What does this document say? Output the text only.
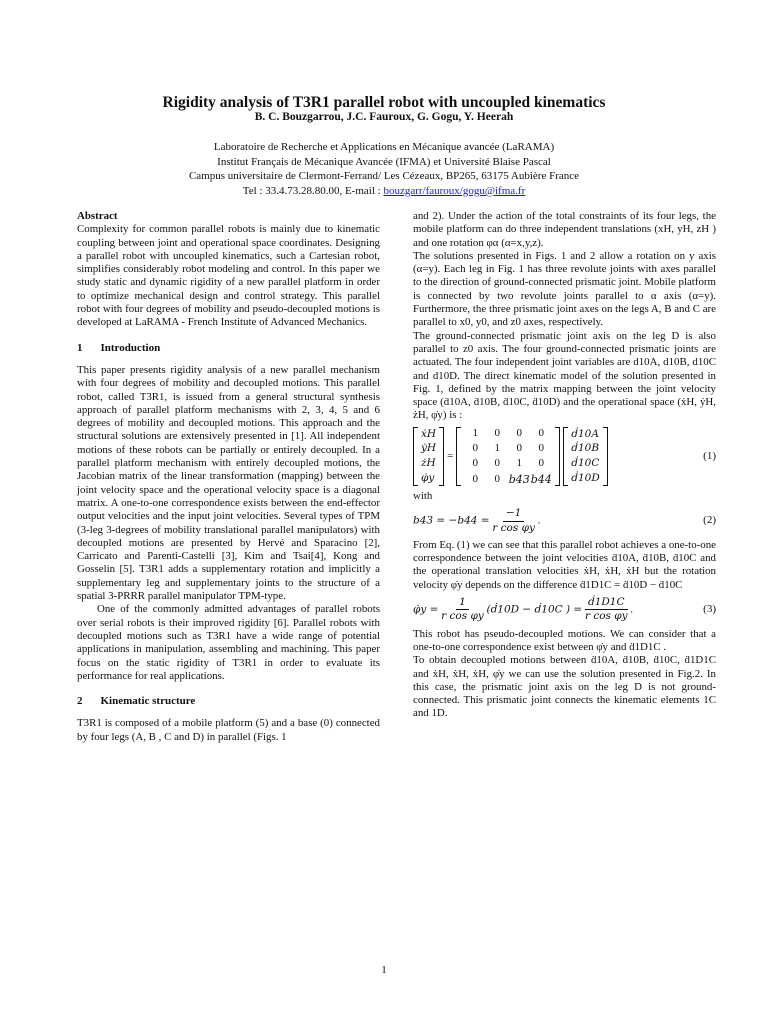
Rigidity analysis of T3R1 parallel robot with uncoupled kinematics
B. C. Bouzgarrou, J.C. Fauroux, G. Gogu, Y. Heerah
Laboratoire de Recherche et Applications en Mécanique avancée (LaRAMA)
Institut Français de Mécanique Avancée (IFMA) et Université Blaise Pascal
Campus universitaire de Clermont-Ferrand/ Les Cézeaux, BP265, 63175 Aubière France
Tel : 33.4.73.28.80.00, E-mail : bouzgarr/fauroux/gogu@ifma.fr
Abstract

Complexity for common parallel robots is mainly due to kinematic coupling between joint and operational space coordinates. Designing a parallel robot with uncoupled kinematics, such a Cartesian robot, simplifies considerably robot modeling and control. In this paper we study static and dynamic rigidity of a new parallel platform in order to optimize mechanical design and control strategy. This parallel robot with four degrees of mobility and pseudo-decoupled motions is developed at LaRAMA - French Institute of Advanced Mechanics.

1 Introduction

This paper presents rigidity analysis of a new parallel mechanism with four degrees of mobility and decoupled motions. This parallel robot, called T3R1, is issued from a general structural synthesis approach of parallel platform mechanisms with 2, 3, 4, 5 and 6 degrees of mobility and decoupled motions. This approach and the structural solutions are extensively presented in [1]. All independent motions of these robots can be partially or entirely decoupled. In a parallel platform mechanism with entirely decoupled motions, the Jacobian matrix of the linear transformation (mapping) between the joint velocity space and the operational velocity space is a diagonal matrix. A one-to-one correspondence exists between the end-effector output velocities and the input joint velocities. Several types of TPM (3-leg 3-degrees of mobility translational parallel manipulators) with decoupled motions are presented by Hervé and Sparacino [2], Carricato and Parenti-Castelli [3], Kim and Tsai[4], Kong and Gosselin [5]. T3R1 adds a supplementary rotation and implicitly a supplementary leg and supplementary joints to the structure of a spatial 3-PRRR parallel manipulator TPM-type.

One of the commonly admitted advantages of parallel robots over serial robots is their improved rigidity [6]. Parallel robots with decoupled motions such as T3R1 have a wide range of potential applications in manipulation, assembling and machining. This paper focus on the static rigidity of T3R1 in order to evaluate its performance for real applications.

2 Kinematic structure

T3R1 is composed of a mobile platform (5) and a base (0) connected by four legs (A, B , C and D) in parallel (Figs. 1

and 2). Under the action of the total constraints of its four legs, the mobile platform can do three independent translations (xH, yH, zH ) and one rotation φα (α=x,y,z).

The solutions presented in Figs. 1 and 2 allow a rotation on y axis (α=y). Each leg in Fig. 1 has three revolute joints with axes parallel to the direction of ground-connected prismatic joint. Mobile platform is connected by two revolute joints parallel to α axis (α=y). Furthermore, the three prismatic joint axes on the legs A, B and C are parallel to x0, y0, and z0 axes, respectively.

The ground-connected prismatic joint axis on the leg D is also parallel to z0 axis. The four ground-connected prismatic joints are actuated. The four independent joint variables are d10A, d10B, d10C and d10D. The direct kinematic model of the solution presented in Fig. 1, defined by the matrix mapping between the joint velocity space (ḋ10A, ḋ10B, ḋ10C, ḋ10D) and the operational space (ẋH, ẏH, żH, φ̇y) is :

ẋH
ẏH
żH
φ̇y
=
1	0	0	0
0	1	0	0
0	0	1	0
0	0 b43 b44
ḋ10A
ḋ10B
ḋ10C
ḋ10D
(1)

with

$b43 = -b44 = \frac{-1}{\text{r cos φy}}$ .	(2)

From Eq. (1) we can see that this parallel robot achieves a one-to-one correspondence between the joint velocities ḋ10A, ḋ10B, ḋ10C and the operational translation velocities ẋH, ẋH, ẋH but the rotation velocity φ̇y depends on the difference ḋ1D1C = ḋ10D − ḋ10C

φ̇y = $\frac{1}{\text{r cos φy}}$ (ḋ10D − ḋ10C ) = $\frac{\text{ḋ1D1C}}{\text{r cos φy}}$ .	(3)

This robot has pseudo-decoupled motions. We can consider that a one-to-one correspondence exist between φ̇y and ḋ1D1C .

To obtain decoupled motions between ḋ10A, ḋ10B, ḋ10C, ḋ1D1C and ẋH, ẋH, ẋH, φ̇y we can use the solution presented in Fig.2. In this case, the prismatic joint axis on the leg D is not ground-connected. This prismatic joint connects the kinematic elements 1C and 1D.

1
